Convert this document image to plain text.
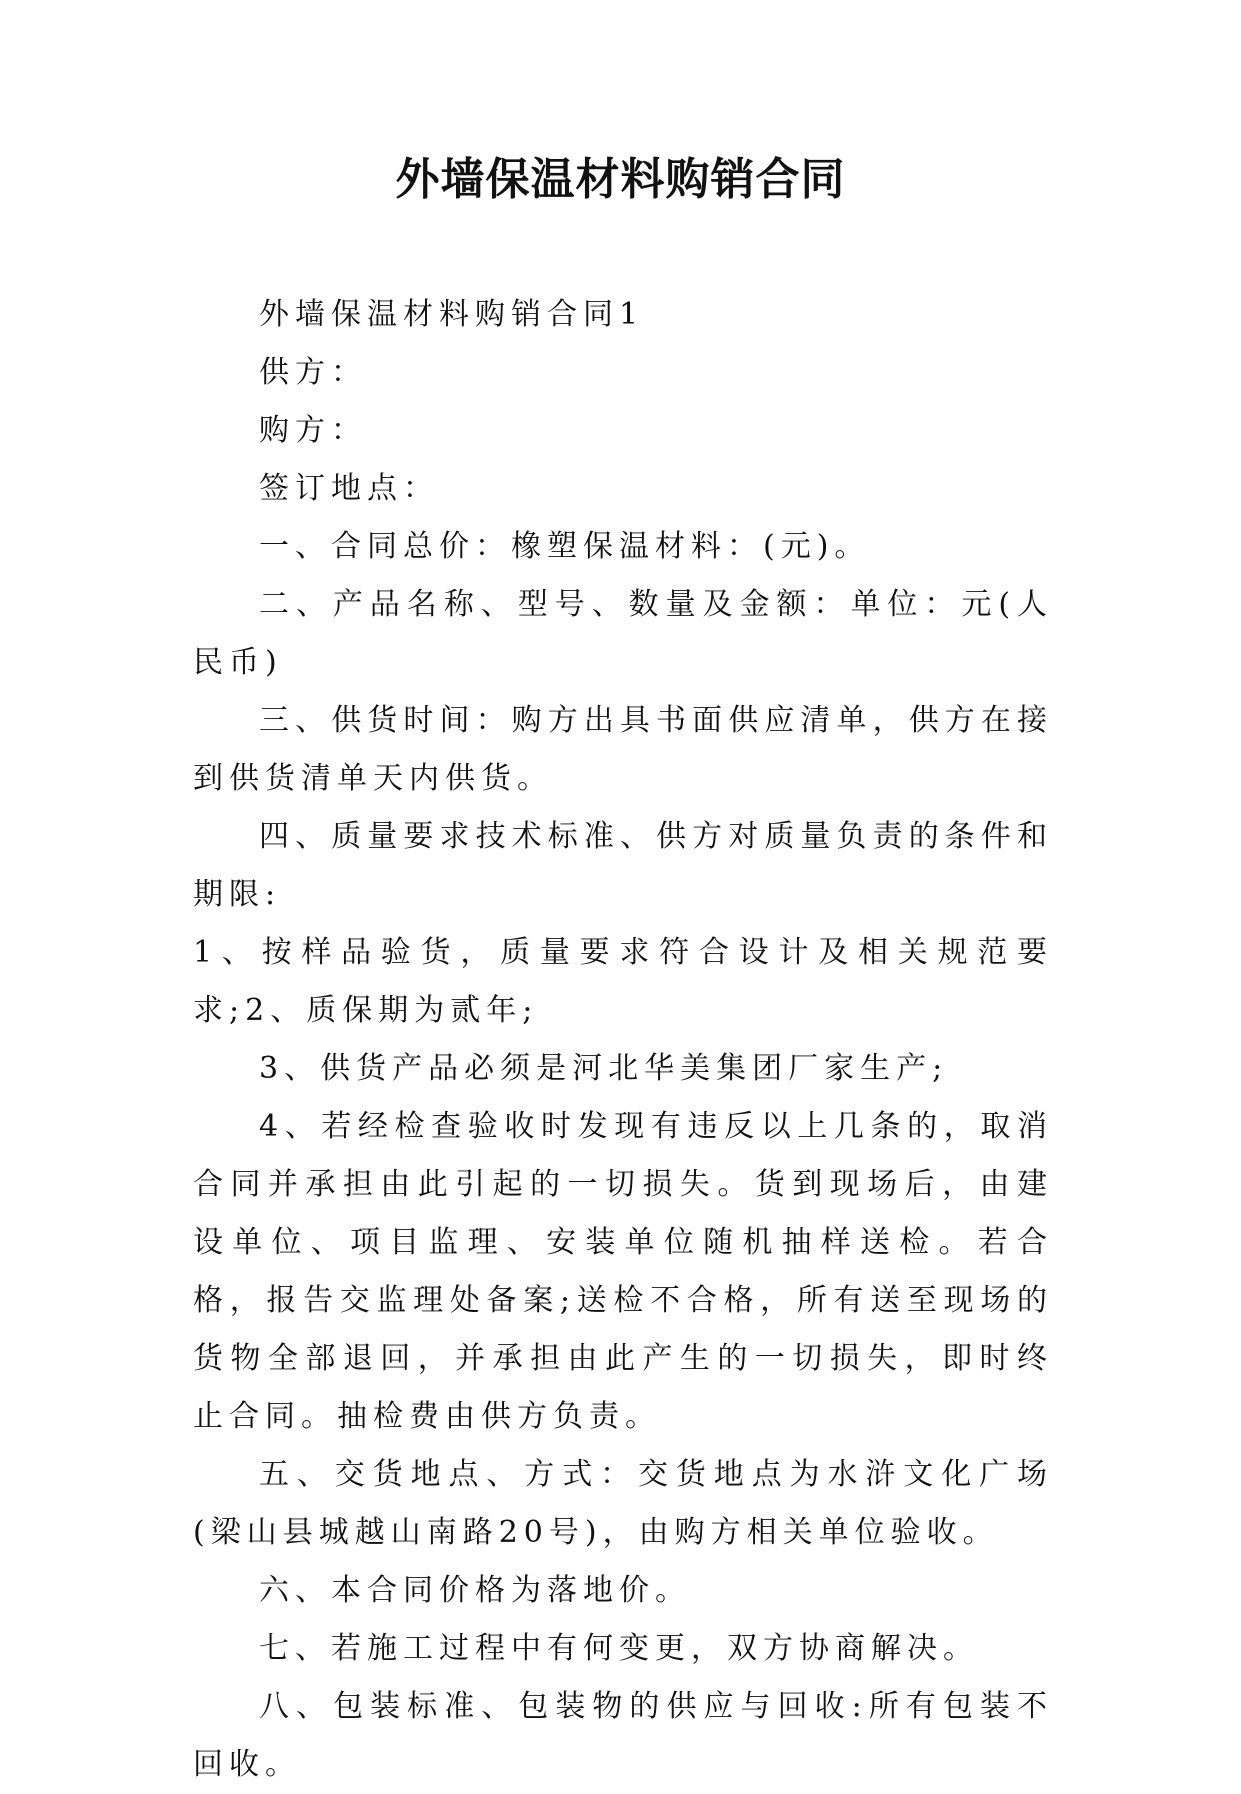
外墙保温材料购销合同

外墙保温材料购销合同1

供方：

购方：

签订地点：

一、合同总价：橡塑保温材料：(元)。

二、产品名称、型号、数量及金额：单位：元(人民币)

三、供货时间：购方出具书面供应清单，供方在接到供货清单天内供货。

四、质量要求技术标准、供方对质量负责的条件和期限:

1、按样品验货，质量要求符合设计及相关规范要求;2、质保期为贰年;

3、供货产品必须是河北华美集团厂家生产;

4、若经检查验收时发现有违反以上几条的，取消合同并承担由此引起的一切损失。货到现场后，由建设单位、项目监理、安装单位随机抽样送检。若合格，报告交监理处备案;送检不合格，所有送至现场的货物全部退回，并承担由此产生的一切损失，即时终止合同。抽检费由供方负责。

五、交货地点、方式：交货地点为水浒文化广场(梁山县城越山南路20号)，由购方相关单位验收。

六、本合同价格为落地价。

七、若施工过程中有何变更，双方协商解决。

八、包装标准、包装物的供应与回收:所有包装不回收。
